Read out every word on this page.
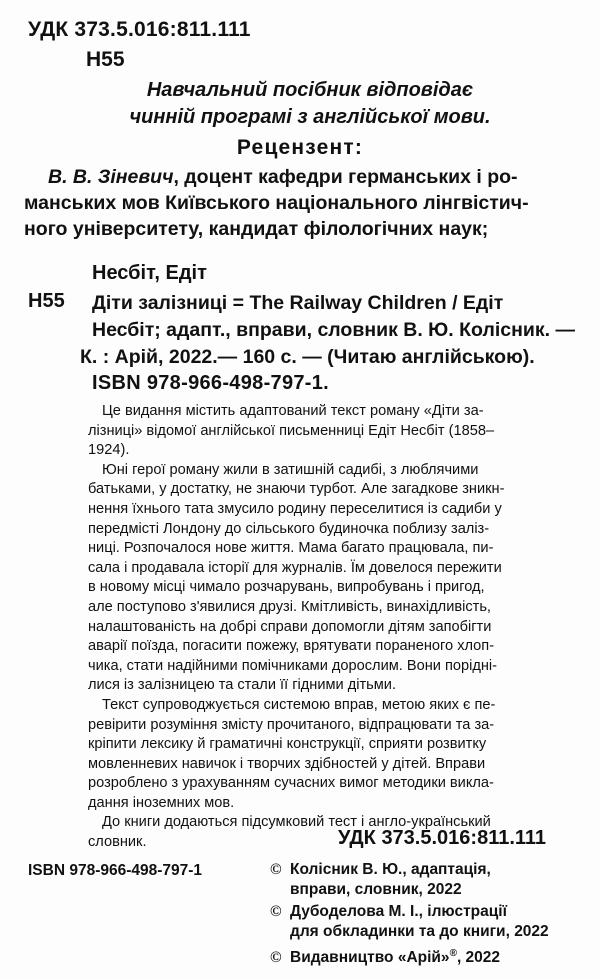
УДК 373.5.016:811.111
Н55
Навчальний посібник відповідає
чинній програмі з англійської мови.
Рецензент:
В. В. Зіневич, доцент кафедри германських і ро-
манських мов Київського національного лінгвістич-
ного університету, кандидат філологічних наук;
Несбіт, Едіт
Н55 Діти залізниці = The Railway Children / Едіт
Несбіт; адапт., вправи, словник В. Ю. Колісник. —
К. : Арій, 2022.— 160 с. — (Читаю англійською).
ISBN 978-966-498-797-1.

Це видання містить адаптований текст роману «Діти за-
лізниці» відомої англійської письменниці Едіт Несбіт (1858–
1924).

Юні герої роману жили в затишній садибі, з люблячими
батьками, у достатку, не знаючи турбот. Але загадкове зникн-
нення їхнього тата змусило родину переселитися із садиби у
передмісті Лондону до сільського будиночка поблизу заліз-
ниці. Розпочалося нове життя. Мама багато працювала, пи-
сала і продавала історії для журналів. Їм довелося пережити
в новому місці чимало розчарувань, випробувань і пригод,
але поступово з'явилися друзі. Кмітливість, винахідливість,
налаштованість на добрі справи допомогли дітям запобігти
аварії поїзда, погасити пожежу, врятувати пораненого хлоп-
чика, стати надійними помічниками дорослим. Вони поріднi-
лися із залізницею та стали її гідними дітьми.

Текст супроводжується системою вправ, метою яких є пе-
ревірити розуміння змісту прочитаного, відпрацювати та за-
кріпити лексику й граматичні конструкції, сприяти розвитку
мовленневих навичок і творчих здібностей у дітей. Вправи
розроблено з урахуванням сучасних вимог методики викла-
дання іноземних мов.

До книги додаються підсумковий тест і англо-український
словник.	УДК 373.5.016:811.111
ISBN 978-966-498-797-1	© Колісник В. Ю., адаптація,
вправи, словник, 2022
© Дубоделова М. І., ілюстрації
для обкладинки та до книги, 2022
© Видавництво «Арій»®, 2022
